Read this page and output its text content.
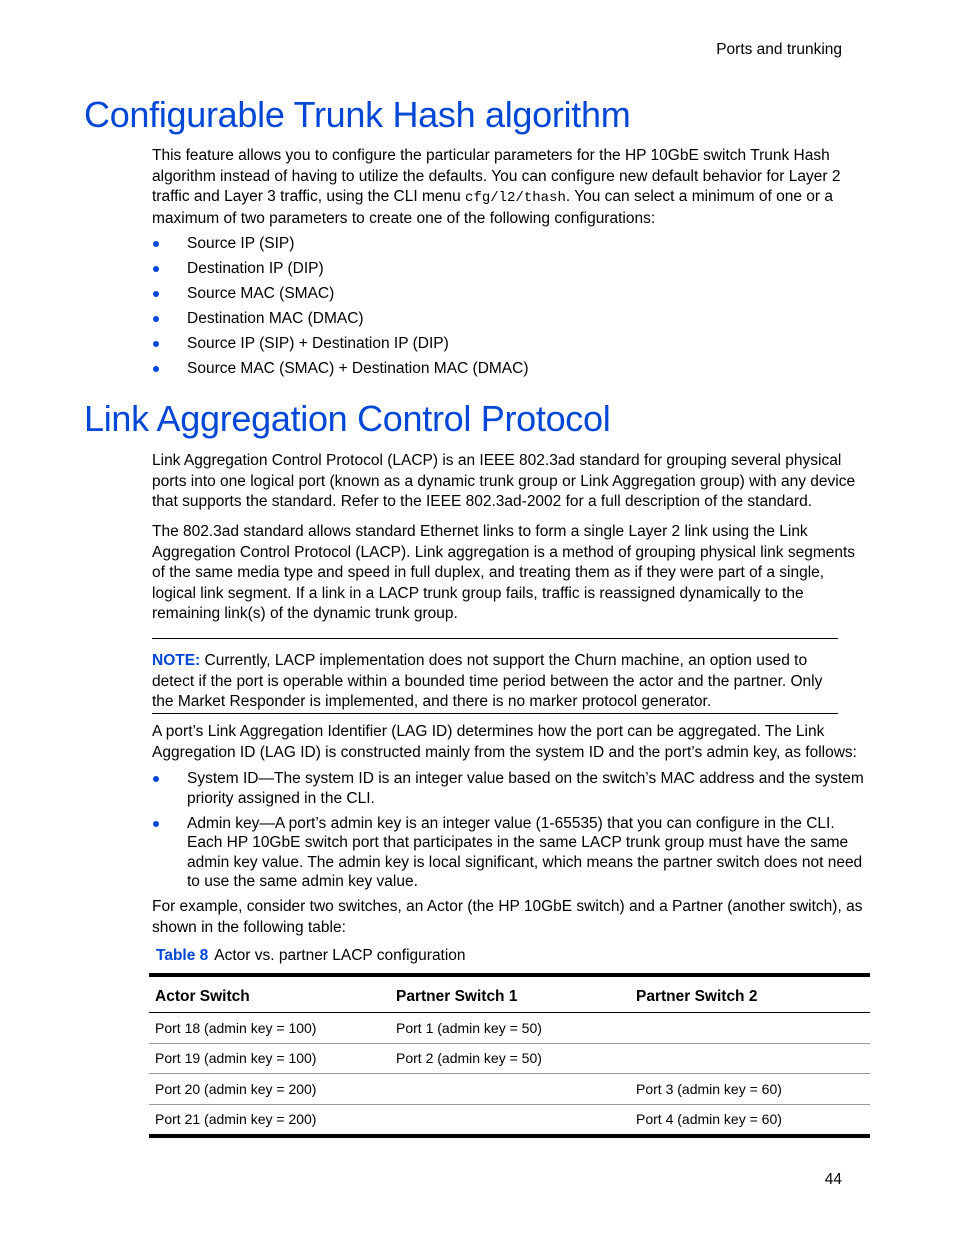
Ports and trunking
Configurable Trunk Hash algorithm

This feature allows you to configure the particular parameters for the HP 10GbE switch Trunk Hash algorithm instead of having to utilize the defaults. You can configure new default behavior for Layer 2 traffic and Layer 3 traffic, using the CLI menu cfg/l2/thash. You can select a minimum of one or a maximum of two parameters to create one of the following configurations:

Source IP (SIP)
Destination IP (DIP)
Source MAC (SMAC)
Destination MAC (DMAC)
Source IP (SIP) + Destination IP (DIP)
Source MAC (SMAC) + Destination MAC (DMAC)
Link Aggregation Control Protocol

Link Aggregation Control Protocol (LACP) is an IEEE 802.3ad standard for grouping several physical ports into one logical port (known as a dynamic trunk group or Link Aggregation group) with any device that supports the standard. Refer to the IEEE 802.3ad-2002 for a full description of the standard.

The 802.3ad standard allows standard Ethernet links to form a single Layer 2 link using the Link Aggregation Control Protocol (LACP). Link aggregation is a method of grouping physical link segments of the same media type and speed in full duplex, and treating them as if they were part of a single, logical link segment. If a link in a LACP trunk group fails, traffic is reassigned dynamically to the remaining link(s) of the dynamic trunk group.

NOTE: Currently, LACP implementation does not support the Churn machine, an option used to detect if the port is operable within a bounded time period between the actor and the partner. Only the Market Responder is implemented, and there is no marker protocol generator.

A port’s Link Aggregation Identifier (LAG ID) determines how the port can be aggregated. The Link Aggregation ID (LAG ID) is constructed mainly from the system ID and the port’s admin key, as follows:

System ID—The system ID is an integer value based on the switch’s MAC address and the system priority assigned in the CLI.
Admin key—A port’s admin key is an integer value (1-65535) that you can configure in the CLI. Each HP 10GbE switch port that participates in the same LACP trunk group must have the same admin key value. The admin key is local significant, which means the partner switch does not need to use the same admin key value.

For example, consider two switches, an Actor (the HP 10GbE switch) and a Partner (another switch), as shown in the following table:

Table 8 Actor vs. partner LACP configuration
Actor Switch	Partner Switch 1	Partner Switch 2
Port 18 (admin key = 100)	Port 1 (admin key = 50)	
Port 19 (admin key = 100)	Port 2 (admin key = 50)	
Port 20 (admin key = 200)		Port 3 (admin key = 60)
Port 21 (admin key = 200)		Port 4 (admin key = 60)
44
